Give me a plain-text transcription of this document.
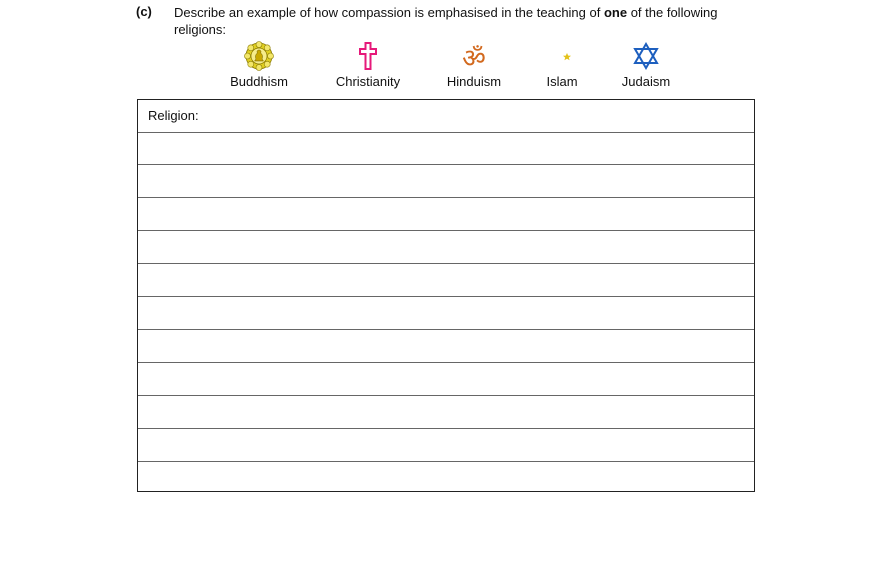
(c) Describe an example of how compassion is emphasised in the teaching of one of the following religions:
Buddhism	Christianity
ॐ
Hinduism	Islam	Judaism
Religion:
